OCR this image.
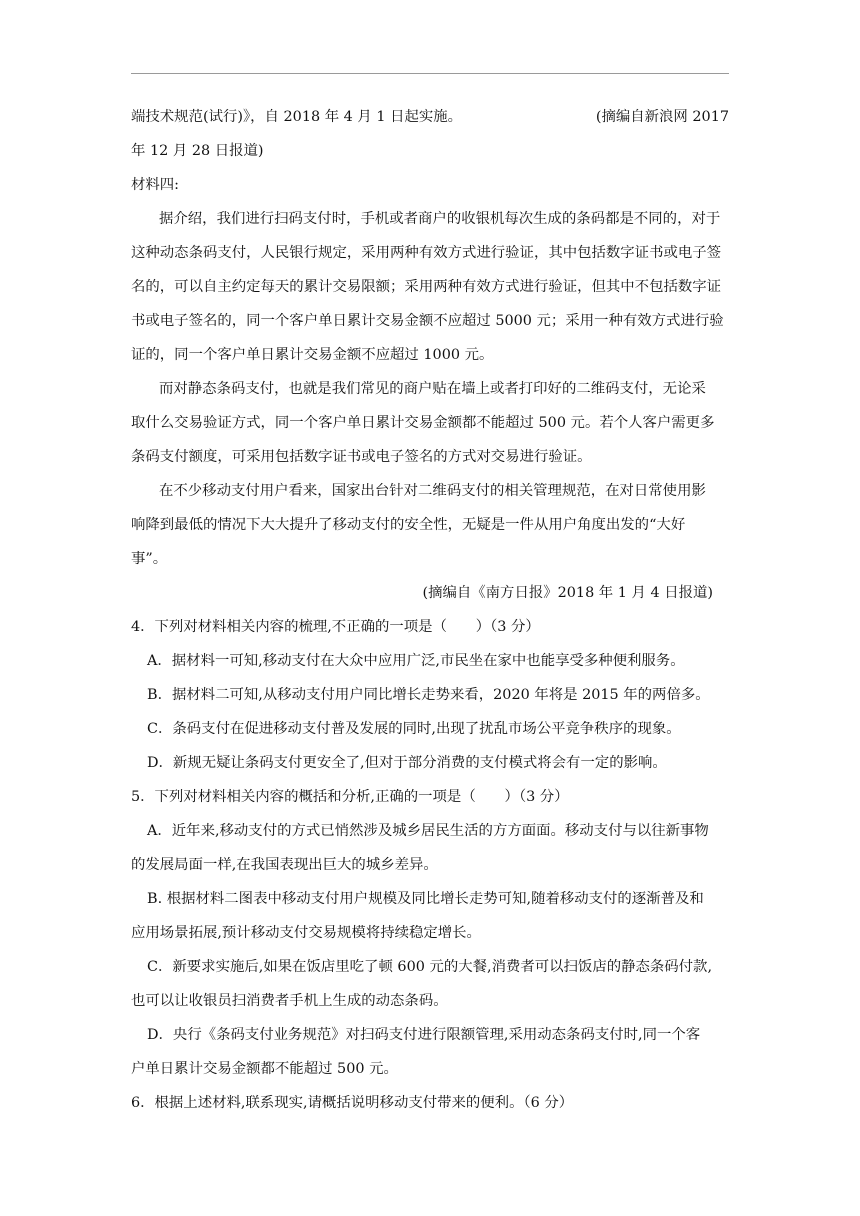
端技术规范(试行)》，自 2018 年 4 月 1 日起实施。	(摘编自新浪网 2017
年 12 月 28 日报道)
材料四:
据介绍，我们进行扫码支付时，手机或者商户的收银机每次生成的条码都是不同的，对于
这种动态条码支付，人民银行规定，采用两种有效方式进行验证，其中包括数字证书或电子签
名的，可以自主约定每天的累计交易限额；采用两种有效方式进行验证，但其中不包括数字证
书或电子签名的，同一个客户单日累计交易金额不应超过 5000 元；采用一种有效方式进行验
证的，同一个客户单日累计交易金额不应超过 1000 元。
而对静态条码支付，也就是我们常见的商户贴在墙上或者打印好的二维码支付，无论采
取什么交易验证方式，同一个客户单日累计交易金额都不能超过 500 元。若个人客户需更多
条码支付额度，可采用包括数字证书或电子签名的方式对交易进行验证。
在不少移动支付用户看来，国家出台针对二维码支付的相关管理规范，在对日常使用影
响降到最低的情况下大大提升了移动支付的安全性，无疑是一件从用户角度出发的“大好
事”。
(摘编自《南方日报》2018 年 1 月 4 日报道)
4．下列对材料相关内容的梳理,不正确的一项是（　　）（3 分）
A．据材料一可知,移动支付在大众中应用广泛,市民坐在家中也能享受多种便利服务。
B．据材料二可知,从移动支付用户同比增长走势来看，2020 年将是 2015 年的两倍多。
C．条码支付在促进移动支付普及发展的同时,出现了扰乱市场公平竞争秩序的现象。
D．新规无疑让条码支付更安全了,但对于部分消费的支付模式将会有一定的影响。
5．下列对材料相关内容的概括和分析,正确的一项是（　　）（3 分）
A．近年来,移动支付的方式已悄然涉及城乡居民生活的方方面面。移动支付与以往新事物
的发展局面一样,在我国表现出巨大的城乡差异。
B. 根据材料二图表中移动支付用户规模及同比增长走势可知,随着移动支付的逐渐普及和
应用场景拓展,预计移动支付交易规模将持续稳定增长。
C．新要求实施后,如果在饭店里吃了顿 600 元的大餐,消费者可以扫饭店的静态条码付款,
也可以让收银员扫消费者手机上生成的动态条码。
D．央行《条码支付业务规范》对扫码支付进行限额管理,采用动态条码支付时,同一个客
户单日累计交易金额都不能超过 500 元。
6．根据上述材料,联系现实,请概括说明移动支付带来的便利。（6 分）
